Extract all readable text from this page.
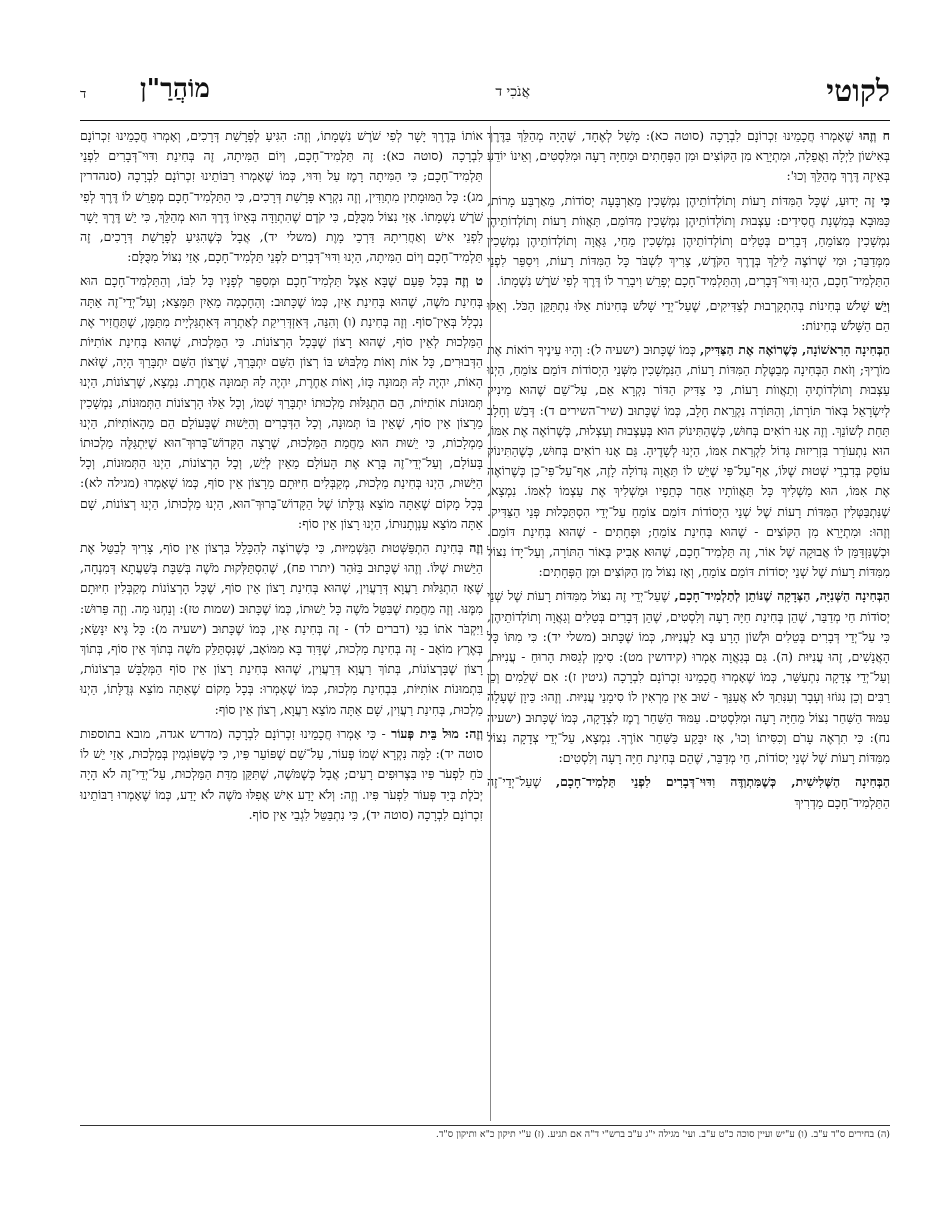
לקוטי
אֲנֹכִי ד
מוֹהֲרַ"ן
ד

ח וְזֶהוּ שֶׁאָמְרוּ חֲכָמֵינוּ זִכְרוֹנָם לִבְרָכָה (סוטה כא): מָשָׁל לְאֶחָד, שֶׁהָיָה מְהַלֵּךְ בַּדֶּרֶךְ בְּאִישׁוֹן לַיְלָה וַאֲפֵלָה, וּמִתְיָרֵא מִן הַקּוֹצִים וּמִן הַפְּחָתִים וּמֵחַיָּה רָעָה וּמִלִּסְטִים, וְאֵינוֹ יוֹדֵעַ בְּאֵיזֶה דֶּרֶךְ מְהַלֵּךְ וְכוּ':

כִּי זֶה יָדוּעַ, שֶׁכָּל הַמִּדּוֹת רָעוֹת וְתוֹלְדוֹתֵיהֶן נִמְשָׁכִין מֵאַרְבָּעָה יְסוֹדוֹת, מֵאַרְבַּע מָרוֹת, כַּמּוּבָא בְּמִשְׁנַת חֲסִידִים: עַצְבוּת וְתוֹלְדוֹתֵיהֶן נִמְשָׁכִין מִדּוֹמֵם, תַּאֲווֹת רָעוֹת וְתוֹלְדוֹתֵיהֶן נִמְשָׁכִין מִצּוֹמֵחַ, דְּבָרִים בְּטֵלִים וְתוֹלְדוֹתֵיהֶן נִמְשָׁכִין מֵחַי, גַּאֲוָה וְתוֹלְדוֹתֵיהֶן נִמְשָׁכִין מִמְּדַבֵּר; וּמִי שֶׁרוֹצֶה לֵילֵךְ בְּדֶרֶךְ הַקֹּדֶשׁ, צָרִיךְ לִשְׁבֹּר כָּל הַמִּדּוֹת רָעוֹת, וִיסַפֵּר לִפְנֵי הַתַּלְמִיד־חָכָם, הַיְנוּ וִדּוּי־דְּבָרִים, וְהַתַּלְמִיד־חָכָם יְפָרֵשׁ וִיבָרֵר לוֹ דֶּרֶךְ לְפִי שֹׁרֶשׁ נִשְׁמָתוֹ.

וְיֵשׁ שָׁלֹשׁ בְּחִינוֹת בְּהִתְקָרְבוּת לְצַדִּיקִים, שֶׁעַל־יְדֵי שָׁלֹשׁ בְּחִינוֹת אֵלּוּ נִתְתַּקֵּן הַכֹּל. וְאֵלּוּ הֵם הַשָּׁלֹשׁ בְּחִינוֹת:

הַבְּחִינָה הָרִאשׁוֹנָה, כְּשֶׁרוֹאֶה אֶת הַצַּדִּיק, כְּמוֹ שֶׁכָּתוּב (ישעיה ל): וְהָיוּ עֵינֶיךָ רוֹאוֹת אֶת מוֹרֶיךָ; וְזֹאת הַבְּחִינָה מְבַטֶּלֶת הַמִּדּוֹת רָעוֹת, הַנִּמְשָׁכִין מִשְּׁנֵי הַיְסוֹדוֹת דּוֹמֵם צוֹמֵחַ, הַיְנוּ עַצְבוּת וְתוֹלְדוֹתֶיהָ וְתַאֲווֹת רָעוֹת, כִּי צַדִּיק הַדּוֹר נִקְרָא אֵם, עַל־שֵׁם שֶׁהוּא מֵינִיק לְיִשְׂרָאֵל בְּאוֹר תּוֹרָתוֹ, וְהַתּוֹרָה נִקְרֵאת חָלָב, כְּמוֹ שֶׁכָּתוּב (שיר־השירים ד): דְּבַשׁ וְחָלָב תַּחַת לְשׁוֹנֵךְ. וְזֶה אָנוּ רוֹאִים בְּחוּשׁ, כְּשֶׁהַתִּינוֹק הוּא בְּעַצְבוּת וְעַצְלוּת, כְּשֶׁרוֹאֶה אֶת אִמּוֹ, הוּא נִתְעוֹרֵר בִּזְרִיזוּת גָּדוֹל לִקְרַאת אִמּוֹ, הַיְנוּ לְשָׁדֶיהָ. גַּם אָנוּ רוֹאִים בְּחוּשׁ, כְּשֶׁהַתִּינוֹק עוֹסֵק בְּדִבְרֵי שְׁטוּת שֶׁלּוֹ, אַף־עַל־פִּי שֶׁיֵּשׁ לוֹ תַּאֲוָה גְּדוֹלָה לָזֶה, אַף־עַל־פִּי־כֵן כְּשֶׁרוֹאֶה אֶת אִמּוֹ, הוּא מַשְׁלִיךְ כָּל תַּאֲווֹתָיו אַחַר כְּתֵפָיו וּמַשְׁלִיךְ אֶת עַצְמוֹ לְאִמּוֹ. נִמְצָא, שֶׁנִּתְבַּטְּלִין הַמִּדּוֹת רָעוֹת שֶׁל שְׁנֵי הַיְסוֹדוֹת דּוֹמֵם צוֹמֵחַ עַל־יְדֵי הִסְתַּכְּלוּת פְּנֵי הַצַּדִּיק. וְזֶהוּ: וּמִתְיָרֵא מִן הַקּוֹצִים - שֶׁהוּא בְּחִינַת צוֹמֵחַ; וּפְחָתִים - שֶׁהוּא בְּחִינַת דּוֹמֵם. וּכְשֶׁנִּזְדַּמֵּן לוֹ אֲבוּקָה שֶׁל אוֹר, זֶה תַּלְמִיד־חָכָם, שֶׁהוּא אָבִיק בְּאוֹר הַתּוֹרָה, וְעַל־יָדוֹ נִצּוֹל מִמִּדּוֹת רָעוֹת שֶׁל שְׁנֵי יְסוֹדוֹת דּוֹמֵם צוֹמֵחַ, וְאָז נִצּוֹל מִן הַקּוֹצִים וּמִן הַפְּחָתִים:

הַבְּחִינָה הַשְּׁנִיָּה, הַצְּדָקָה שֶׁנּוֹתֵן לְתַלְמִיד־חָכָם, שֶׁעַל־יְדֵי זֶה נִצּוֹל מִמִּדּוֹת רָעוֹת שֶׁל שְׁנֵי יְסוֹדוֹת חַי מְדַבֵּר, שֶׁהֵן בְּחִינַת חַיָּה רָעָה וְלִסְטִים, שֶׁהֵן דְּבָרִים בְּטֵלִים וְגַאֲוָה וְתוֹלְדוֹתֵיהֶן, כִּי עַל־יְדֵי דְּבָרִים בְּטֵלִים וּלְשׁוֹן הָרָע בָּא לַעֲנִיּוּת, כְּמוֹ שֶׁכָּתוּב (משלי יד): כִּי מִתּוֹ כָּל הָאֲנָשִׁים, זֶהוּ עֲנִיּוּת (ה). גַּם בְּגַאֲוָה אָמְרוּ (קידושין מט): סִימָן לְגַסּוּת הָרוּחַ - עֲנִיּוּת, וְעַל־יְדֵי צְדָקָה נִתְעַשֵּׁר, כְּמוֹ שֶׁאָמְרוּ חֲכָמֵינוּ זִכְרוֹנָם לִבְרָכָה (גיטין ז): אִם שְׁלֵמִים וְכֵן רַבִּים וְכֵן נִגּוֹזוּ וְעָבָר וְעִנִּתִךְ לֹא אֲעַנֵּךְ - שׁוּב אֵין מַרְאִין לוֹ סִימָנֵי עֲנִיּוּת. וְזֶהוּ: כֵּיוָן שֶׁעָלָה עַמּוּד הַשַּׁחַר נִצּוֹל מֵחַיָּה רָעָה וּמִלִּסְטִים. עַמּוּד הַשַּׁחַר רֶמֶז לִצְדָקָה, כְּמוֹ שֶׁכָּתוּב (ישעיה נח): כִּי תִרְאֶה עָרֹם וְכִסִּיתוֹ וְכוּ', אָז יִבָּקַע כַּשַּׁחַר אוֹרֶךָ. נִמְצָא, עַל־יְדֵי צְדָקָה נִצּוֹל מִמִּדּוֹת רָעוֹת שֶׁל שְׁנֵי יְסוֹדוֹת, חַי מְדַבֵּר, שֶׁהֵם בְּחִינַת חַיָּה רָעָה וְלִסְטִים:

הַבְּחִינָה הַשְּׁלִישִׁית, כְּשֶׁמִּתְוַדֶּה וִדּוּי־דְּבָרִים לִפְנֵי תַּלְמִיד־חָכָם, שֶׁעַל־יְדֵי־זֶה הַתַּלְמִיד־חָכָם מַדְרִיךְ

אוֹתוֹ בְּדֶרֶךְ יָשָׁר לְפִי שֹׁרֶשׁ נִשְׁמָתוֹ, וְזֶה: הִגִּיעַ לְפָרָשַׁת דְּרָכִים, וְאָמְרוּ חֲכָמֵינוּ זִכְרוֹנָם לִבְרָכָה (סוטה כא): זֶה תַּלְמִיד־חָכָם, וְיוֹם הַמִּיתָה, זֶה בְּחִינַת וִדּוּי־דְּבָרִים לִפְנֵי תַּלְמִיד־חָכָם; כִּי הַמִּיתָה רָמֶז עַל וִדּוּי, כְּמוֹ שֶׁאָמְרוּ רַבּוֹתֵינוּ זִכְרוֹנָם לִבְרָכָה (סנהדרין מג): כָּל הַמּוּמָתִין מִתְוַדִּין, וְזֶה נִקְרָא פָּרָשַׁת דְּרָכִים, כִּי הַתַּלְמִיד־חָכָם מְפָרֵשׁ לוֹ דֶּרֶךְ לְפִי שֹׁרֶשׁ נִשְׁמָתוֹ. אָזַי נִצּוֹל מִכֻּלָּם, כִּי קֹדֶם שֶׁהִתְוַדָּה בְּאֵיזוֹ דֶּרֶךְ הוּא מְהַלֵּךְ, כִּי יֵשׁ דֶּרֶךְ יָשָׁר לִפְנֵי אִישׁ וְאַחֲרִיתָהּ דַּרְכֵי מָוֶת (משלי יד), אֲבָל כְּשֶׁהִגִּיעַ לְפָרָשַׁת דְּרָכִים, זֶה תַּלְמִיד־חָכָם וְיוֹם הַמִּיתָה, הַיְנוּ וִדּוּי־דְּבָרִים לִפְנֵי תַּלְמִיד־חָכָם, אָזַי נִצּוֹל מִכֻּלָּם:

ט וְזֶה בְּכָל פַּעַם שֶׁבָּא אֵצֶל תַּלְמִיד־חָכָם וּמְסַפֵּר לְפָנָיו כָּל לִבּוֹ, וְהַתַּלְמִיד־חָכָם הוּא בְּחִינַת מֹשֶׁה, שֶׁהוּא בְּחִינַת אַיִן, כְּמוֹ שֶׁכָּתוּב: וְהַחָכְמָה מֵאַיִן תִּמָּצֵא; וְעַל־יְדֵי־זֶה אַתָּה נִכְלָל בְּאֵין־סוֹף. וְזֶה בְּחִינַת (ו) וְהִנֵּה, דְּאִזְדְּרִיקַת לְאַתְרָהּ דְּאִתְגַּלְיָית מִתַּמָּן, שֶׁתַּחֲזִיר אֶת הַמַּלְכוּת לְאֵין סוֹף, שֶׁהוּא רָצוֹן שֶׁבְּכָל הָרְצוֹנוֹת. כִּי הַמַּלְכוּת, שֶׁהוּא בְּחִינַת אוֹתִיּוֹת הַדְּבוּרִים, כָּל אוֹת וְאוֹת מַלְבּוּשׁ בּוֹ רְצוֹן הַשֵּׁם יִתְבָּרַךְ, שֶׁרָצוֹן הַשֵּׁם יִתְבָּרַךְ הָיָה, שֶׁזֹּאת הָאוֹת, יִהְיֶה לָהּ תְּמוּנָה כָּזוֹ, וְאוֹת אַחֶרֶת, יִהְיֶה לָהּ תְּמוּנָה אַחֶרֶת. נִמְצָא, שֶׁרְצוֹנוֹת, הַיְנוּ תְּמוּנוֹת אוֹתִיּוֹת, הֵם הִתְגַּלּוּת מַלְכוּתוֹ יִתְבָּרַךְ שְׁמוֹ, וְכָל אֵלּוּ הָרְצוֹנוֹת הַתְּמוּנוֹת, נִמְשָׁכִין מֵרָצוֹן אֵין סוֹף, שֶׁאֵין בּוֹ תְּמוּנָה, וְכָל הַדְּבָרִים וְהַיֵּשׁוּת שֶׁבָּעוֹלָם הֵם מֵהָאוֹתִיּוֹת, הַיְנוּ מַמְלָכוֹת, כִּי יֵשׁוּת הוּא מַחֲמַת הַמַּלְכוּת, שֶׁרָצָה הַקָּדוֹשׁ־בָּרוּךְ־הוּא שֶׁיִּתְגַּלֶּה מַלְכוּתוֹ בָּעוֹלָם, וְעַל־יְדֵי־זֶה בָּרָא אֶת הָעוֹלָם מֵאַיִן לְיֵשׁ, וְכָל הָרְצוֹנוֹת, הַיְנוּ הַתְּמוּנוֹת, וְכָל הַיֵּשׁוּת, הַיְנוּ בְּחִינַת מַלְכוּת, מְקַבְּלִים חִיּוּתָם מֵרָצוֹן אֵין סוֹף, כְּמוֹ שֶׁאָמְרוּ (מגילה לא): בְּכָל מָקוֹם שֶׁאַתָּה מוֹצֵא גְּדֻלָּתוֹ שֶׁל הַקָּדוֹשׁ־בָּרוּךְ־הוּא, הַיְנוּ מַלְכוּתוֹ, הַיְנוּ רְצוֹנוֹת, שָׁם אַתָּה מוֹצֵא עַנְוְתָנוּתוֹ, הַיְנוּ רָצוֹן אֵין סוֹף:

וְזֶה בְּחִינַת הִתְפַּשְּׁטוּת הַגַּשְׁמִיּוּת, כִּי כְּשֶׁרוֹצֶה לְהִכָּלֵל בִּרְצוֹן אֵין סוֹף, צָרִיךְ לְבַטֵּל אֶת הַיֵּשׁוּת שֶׁלּוֹ. וְזֶהוּ שֶׁכָּתוּב בַּזֹּהַר (יתרו פח), שֶׁהִסְתַּלְּקוּת מֹשֶׁה בְּשַׁבָּת בְּשַׁעֲתָא דְּמִנְחָה, שֶׁאָז הִתְגַּלּוּת רַעֲוָא דְּרַעֲוִין, שֶׁהוּא בְּחִינַת רָצוֹן אֵין סוֹף, שֶׁכָּל הָרְצוֹנוֹת מְקַבְּלִין חִיּוּתָם מִמֶּנּוּ. וְזֶה מַחֲמַת שֶׁבִּטֵּל מֹשֶׁה כָּל יֵשׁוּתוֹ, כְּמוֹ שֶׁכָּתוּב (שמות טז): וְנַחְנוּ מָה. וְזֶה פֵּרוּשׁ: וַיִּקְבֹּר אֹתוֹ בַגַּי (דברים לד) - זֶה בְּחִינַת אַיִן, כְּמוֹ שֶׁכָּתוּב (ישעיה מ): כָּל גֶּיא יִנָּשֵׂא; בְּאֶרֶץ מוֹאָב - זֶה בְּחִינַת מַלְכוּת, שֶׁדָּוִד בָּא מִמּוֹאָב, שֶׁנִּסְתַּלֵּק מֹשֶׁה בְּתוֹךְ אֵין סוֹף, בְּתוֹךְ רָצוֹן שֶׁבָּרְצוֹנוֹת, בְּתוֹךְ רַעֲוָא דְּרַעֲוִין, שֶׁהוּא בְּחִינַת רָצוֹן אֵין סוֹף הַמְּלֻבָּשׁ בִּרְצוֹנוֹת, בִּתְמוּנוֹת אוֹתִיּוֹת, בִּבְחִינַת מַלְכוּת, כְּמוֹ שֶׁאָמְרוּ: בְּכָל מָקוֹם שֶׁאַתָּה מוֹצֵא גְּדֻלָּתוֹ, הַיְנוּ מַלְכוּת, בְּחִינַת רַעֲוִין, שָׁם אַתָּה מוֹצֵא רַעֲוָא, רְצוֹן אֵין סוֹף:

וְזֶה: מוּל בֵּית פְּעוֹר - כִּי אָמְרוּ חֲכָמֵינוּ זִכְרוֹנָם לִבְרָכָה (מדרש אגדה, מובא בתוספות סוטה יד): לָמָּה נִקְרָא שְׁמוֹ פְּעוֹר, עַל־שֵׁם שֶׁפּוֹעֵר פִּיו, כִּי כְּשֶׁפּוֹגְמִין בְּמַלְכוּת, אָזַי יֵשׁ לוֹ כֹּחַ לִפְעֹר פִּיו בִּצְרוּפִים רָעִים; אֲבָל כְּשֶׁמֹּשֶׁה, שֶׁתִּקֵּן מִדַּת הַמַּלְכוּת, עַל־יְדֵי־זֶה לֹא הָיָה יְכֹלֶת בְּיַד פְּעוֹר לִפְעֹר פִּיו. וְזֶה: וְלֹא יָדַע אִישׁ אֲפִלּוּ מֹשֶׁה לֹא יָדַע, כְּמוֹ שֶׁאָמְרוּ רַבּוֹתֵינוּ זִכְרוֹנָם לִבְרָכָה (סוטה יד), כִּי נִתְבַּטֵּל לִגְבֵי אֵין סוֹף.

(ה) בחירים ס"ד ע"ב. (ו) ע"יש ועיין סוכה כ"ט ע"ב. ועי' מגילה י"ג ע"ב ברש"י ד"ה אם תגיע. (ז) ע"י תיקון כ"א ותיקון ס"ד.
